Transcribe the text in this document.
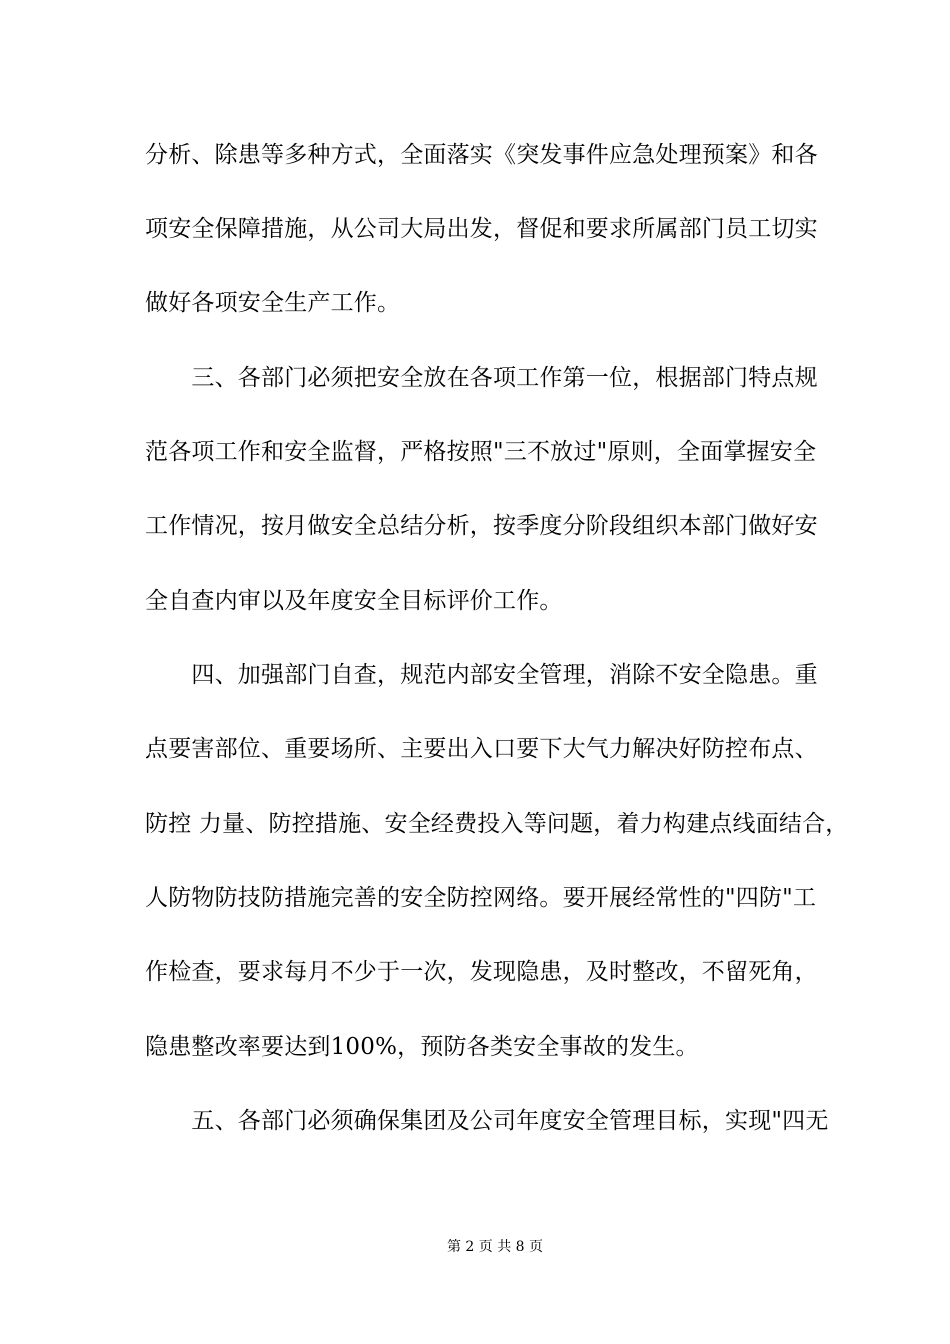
分析、除患等多种方式，全面落实《突发事件应急处理预案》和各
项安全保障措施，从公司大局出发，督促和要求所属部门员工切实
做好各项安全生产工作。
　　三、各部门必须把安全放在各项工作第一位，根据部门特点规
范各项工作和安全监督，严格按照"三不放过"原则，全面掌握安全
工作情况，按月做安全总结分析，按季度分阶段组织本部门做好安
全自查内审以及年度安全目标评价工作。
　　四、加强部门自查，规范内部安全管理，消除不安全隐患。重
点要害部位、重要场所、主要出入口要下大气力解决好防控布点、
防控 力量、防控措施、安全经费投入等问题，着力构建点线面结合，
人防物防技防措施完善的安全防控网络。要开展经常性的"四防"工
作检查，要求每月不少于一次，发现隐患，及时整改，不留死角，
隐患整改率要达到100%，预防各类安全事故的发生。
　　五、各部门必须确保集团及公司年度安全管理目标，实现"四无
第 2 页 共 8 页
